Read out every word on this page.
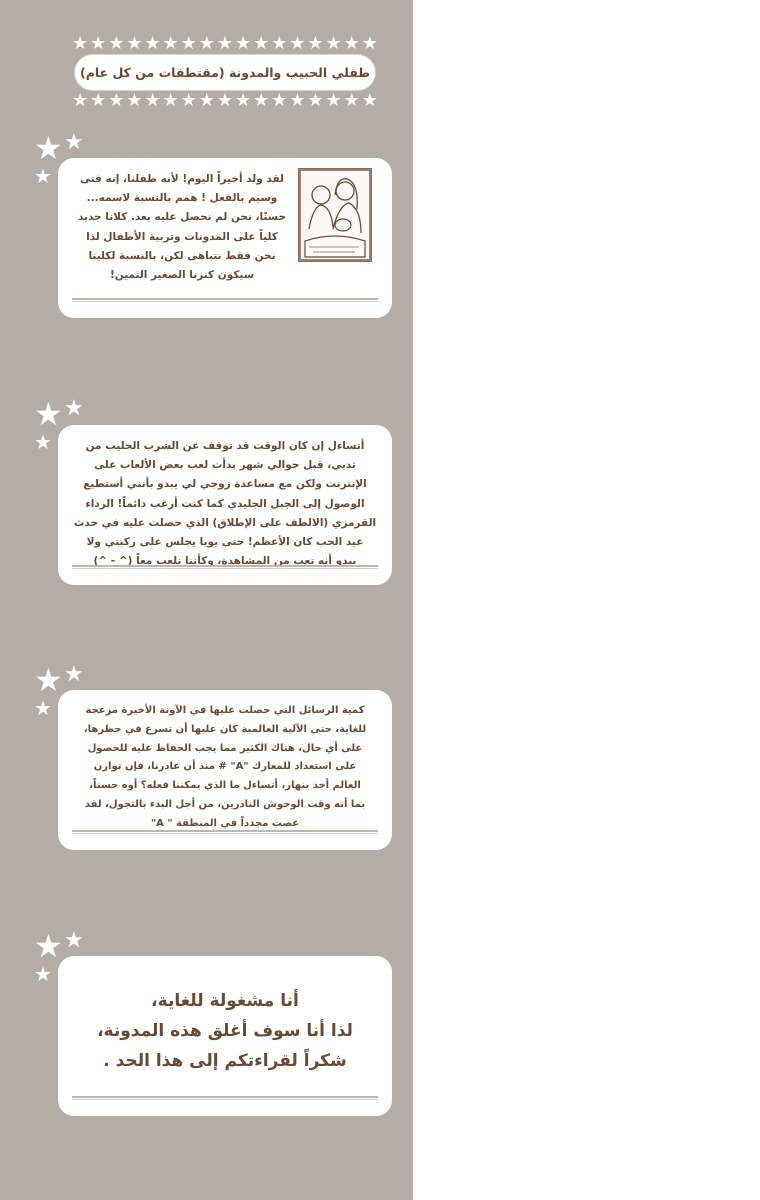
★ ★ ★ ★ ★ ★ ★ ★ ★ ★ ★ ★ ★ ★ ★ ★ ★
طفلي الحبيب والمدونة (مقتطفات من كل عام)
★ ★ ★ ★ ★ ★ ★ ★ ★ ★ ★ ★ ★ ★ ★ ★ ★
★ ★
★	لقد ولد أخيراً اليوم! لأنه طفلنا، إنه فتى
وسيم بالفعل ! همم بالنسبة لاسمه...
حسنًا، نحن لم نحصل عليه بعد. كلانا جديد
كلياً على المدونات وتربية الأطفال لذا
نحن فقط نتباهى لكن، بالنسبة لكلينا
سيكون كنزنا الصغير الثمين!
★ ★
★	أتساءل إن كان الوقت قد توقف عن الشرب الحليب من
ثديي، قبل حوالي شهر بدأت لعب بعض الألعاب على
الإنترنت ولكن مع مساعدة زوجي لي يبدو بأنني أستطيع
الوصول إلى الجبل الجليدي كما كنت أرغب دائماً! الرداء
القرمزي (الالطف على الإطلاق) الذي حصلت عليه في حدث
عيد الحب كان الأعظم! حتى يويا يجلس على ركبتي ولا
يبدو أنه تعب من المشاهدة، وكأننا نلعب معاً (^ - ^)
★ ★
★	كمية الرسائل التي حصلت عليها في الآونة الأخيرة مزعجة
للغاية، حتى الآلية العالمية كان عليها أن تسرع في حظرها،
على أي حال، هناك الكثير مما يجب الحفاظ عليه للحصول
على استعداد للمعارك "A" # منذ أن غادرنا، فإن توازن
العالم أخذ ينهار، أتساءل ما الذي يمكننا فعله؟ أوه حسناً،
بما أنه وقت الوحوش النادرين، من أجل البدء بالتجول، لقد
غصت مجدداً في المنطقة " A"
★ ★
★
أنا مشغولة للغاية،
لذا أنا سوف أغلق هذه المدونة،
شكراً لقراءتكم إلى هذا الحد .
